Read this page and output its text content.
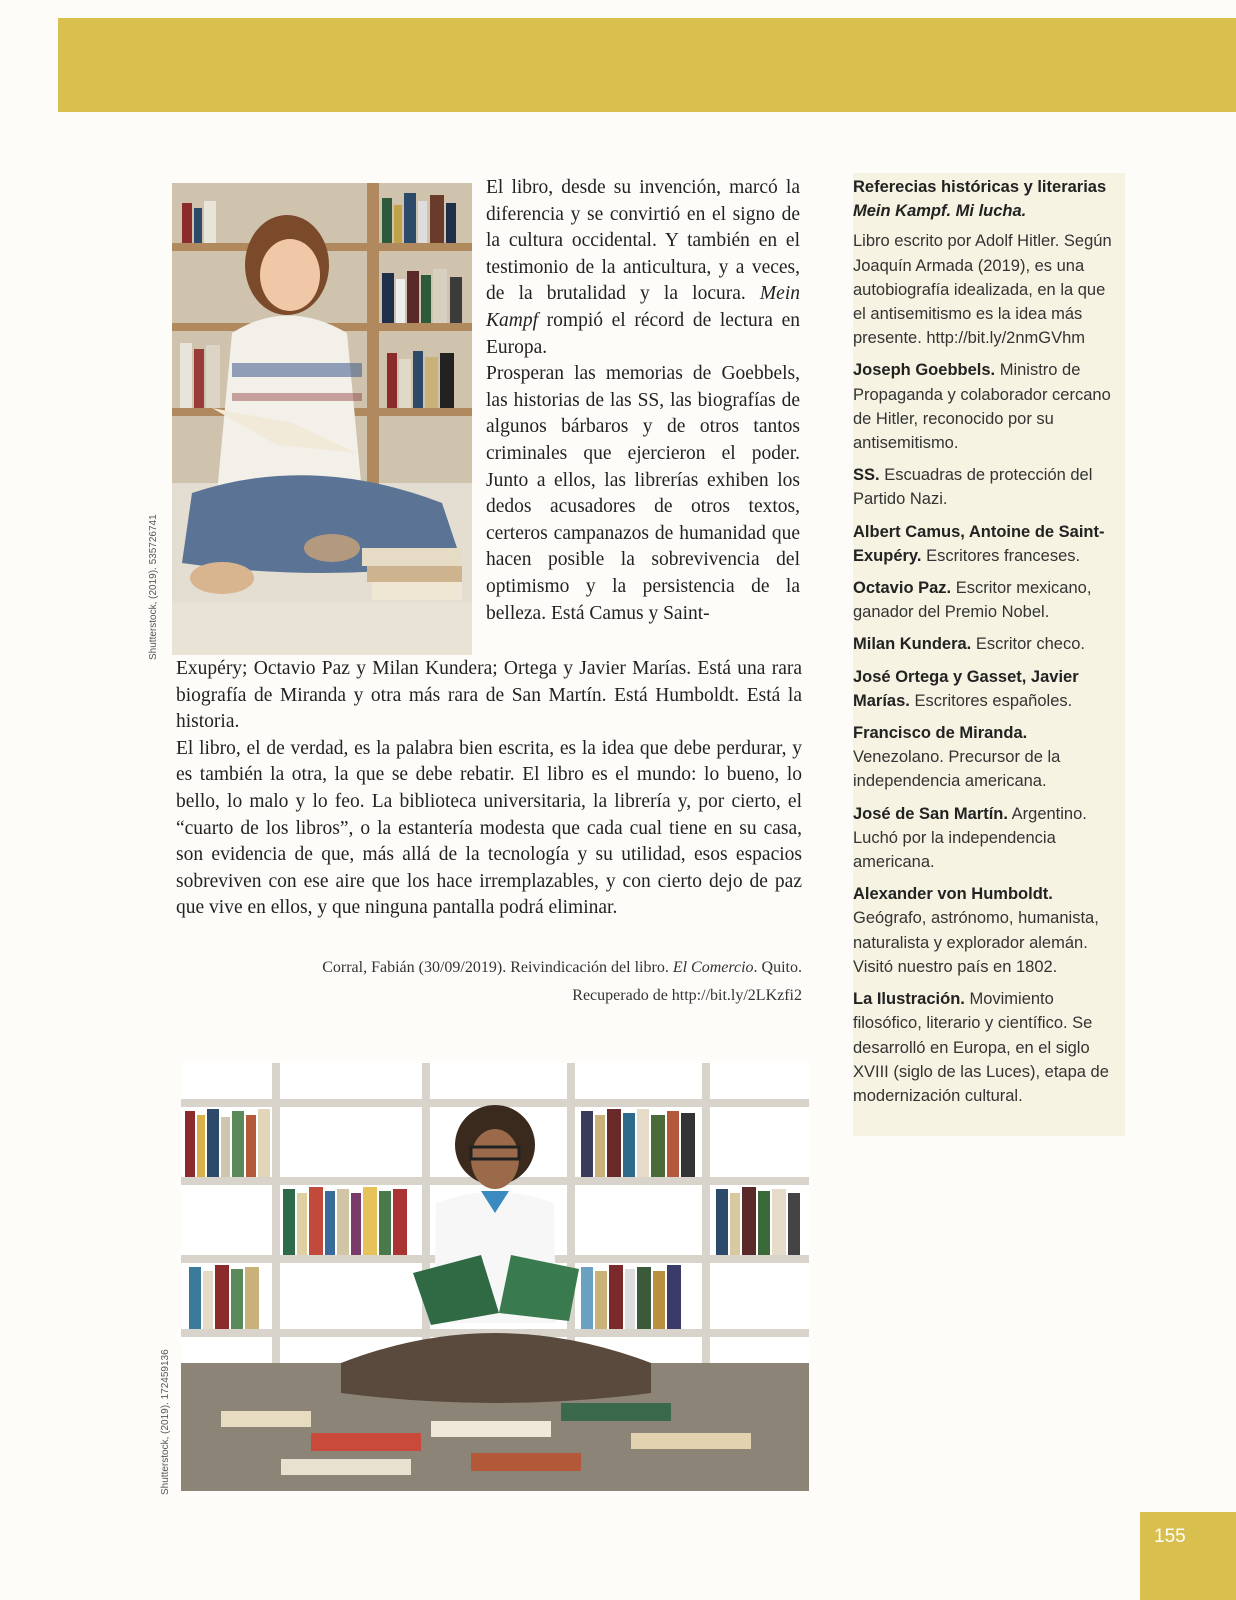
Shutterstock, (2019). 535726741

El libro, desde su invención, marcó la diferencia y se convirtió en el signo de la cultura occidental. Y también en el testimonio de la anticultura, y a veces, de la brutalidad y la locura. Mein Kampf rompió el récord de lectura en Europa.

Prosperan las memorias de Goebbels, las historias de las SS, las biografías de algunos bárbaros y de otros tantos criminales que ejercieron el poder. Junto a ellos, las librerías exhiben los dedos acusadores de otros textos, certeros campanazos de humanidad que hacen posible la sobrevivencia del optimismo y la persistencia de la belleza. Está Camus y Saint-

Exupéry; Octavio Paz y Milan Kundera; Ortega y Javier Marías. Está una rara biografía de Miranda y otra más rara de San Martín. Está Humboldt. Está la historia.

El libro, el de verdad, es la palabra bien escrita, es la idea que debe perdurar, y es también la otra, la que se debe rebatir. El libro es el mundo: lo bueno, lo bello, lo malo y lo feo. La biblioteca universitaria, la librería y, por cierto, el “cuarto de los libros”, o la estantería modesta que cada cual tiene en su casa, son evidencia de que, más allá de la tecnología y su utilidad, esos espacios sobreviven con ese aire que los hace irremplazables, y con cierto dejo de paz que vive en ellos, y que ninguna pantalla podrá eliminar.

Corral, Fabián (30/09/2019). Reivindicación del libro. El Comercio. Quito.

Recuperado de http://bit.ly/2LKzfi2

Shutterstock, (2019). 172459136
Referecias históricas y literarias
Mein Kampf. Mi lucha.
Libro escrito por Adolf Hitler. Según Joaquín Armada (2019), es una autobiografía idealizada, en la que el antisemitismo es la idea más presente. http://bit.ly/2nmGVhm
Joseph Goebbels. Ministro de Propaganda y colaborador cercano de Hitler, reconocido por su antisemitismo.
SS. Escuadras de protección del Partido Nazi.
Albert Camus, Antoine de Saint- Exupéry. Escritores franceses.
Octavio Paz. Escritor mexicano, ganador del Premio Nobel.
Milan Kundera. Escritor checo.
José Ortega y Gasset, Javier Marías. Escritores españoles.
Francisco de Miranda. Venezolano. Precursor de la independencia americana.
José de San Martín. Argentino. Luchó por la independencia americana.
Alexander von Humboldt. Geógrafo, astrónomo, humanista, naturalista y explorador alemán. Visitó nuestro país en 1802.
La Ilustración. Movimiento filosófico, literario y científico. Se desarrolló en Europa, en el siglo XVIII (siglo de las Luces), etapa de modernización cultural.
155
